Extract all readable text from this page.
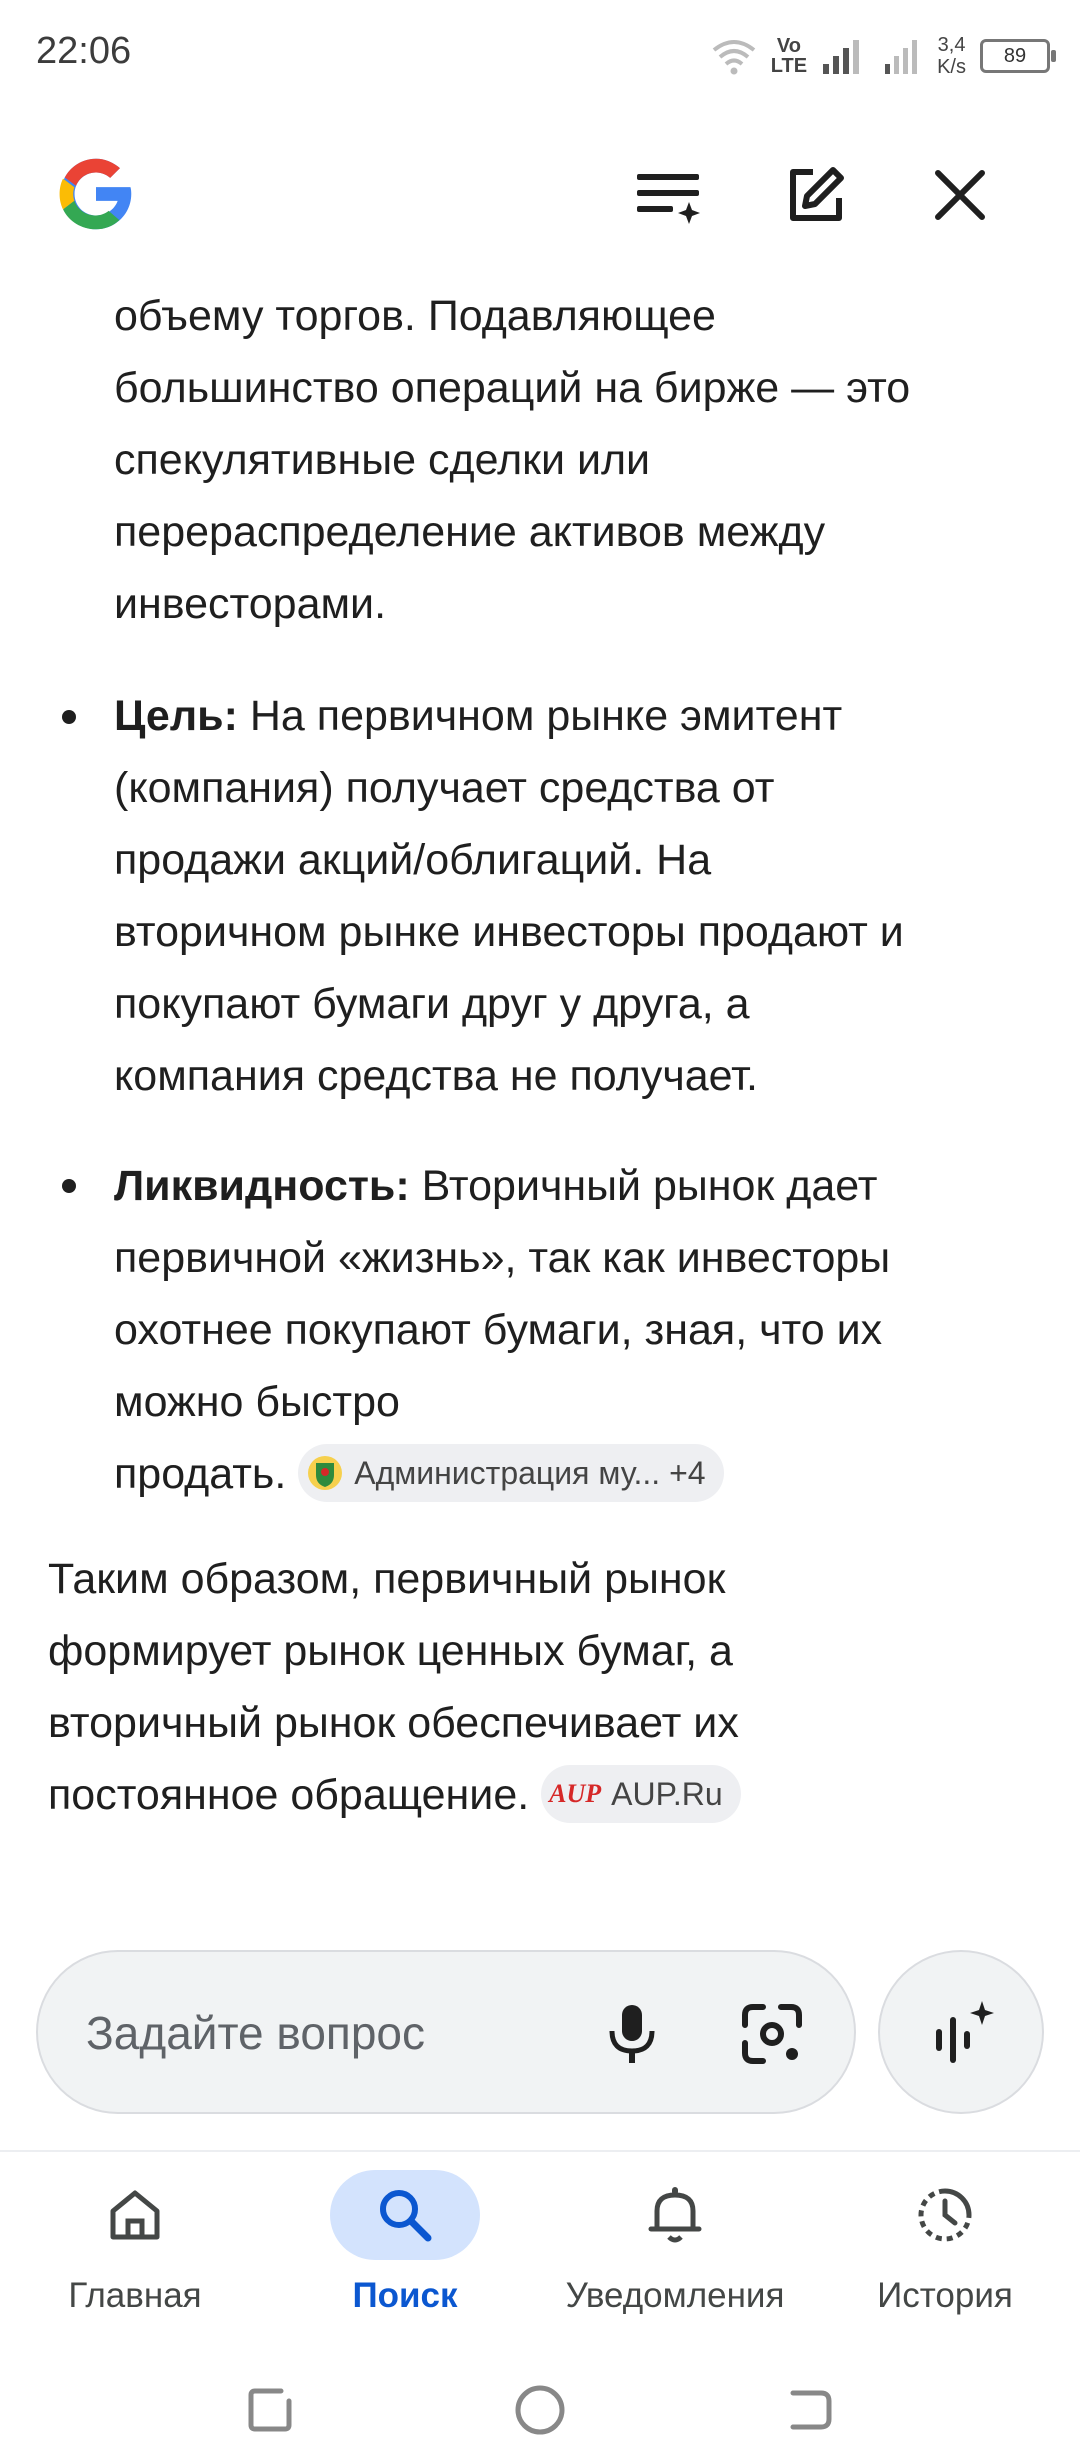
22:06	Vo
LTE
3,4
K/s
89
объему торгов. Подавляющее
большинство операций на бирже — это
спекулятивные сделки или
перераспределение активов между
инвесторами.
Цель: На первичном рынке эмитент
(компания) получает средства от
продажи акций/облигаций. На
вторичном рынке инвесторы продают и
покупают бумаги друг у друга, а
компания средства не получает.
Ликвидность: Вторичный рынок дает
первичной «жизнь», так как инвесторы
охотнее покупают бумаги, зная, что их
можно быстро
продать. Администрация му... +4
Таким образом, первичный рынок
формирует рынок ценных бумаг, а
вторичный рынок обеспечивает их
постоянное обращение. AUP AUP.Ru
Задайте вопрос
Главная	Поиск	Уведомления	История
